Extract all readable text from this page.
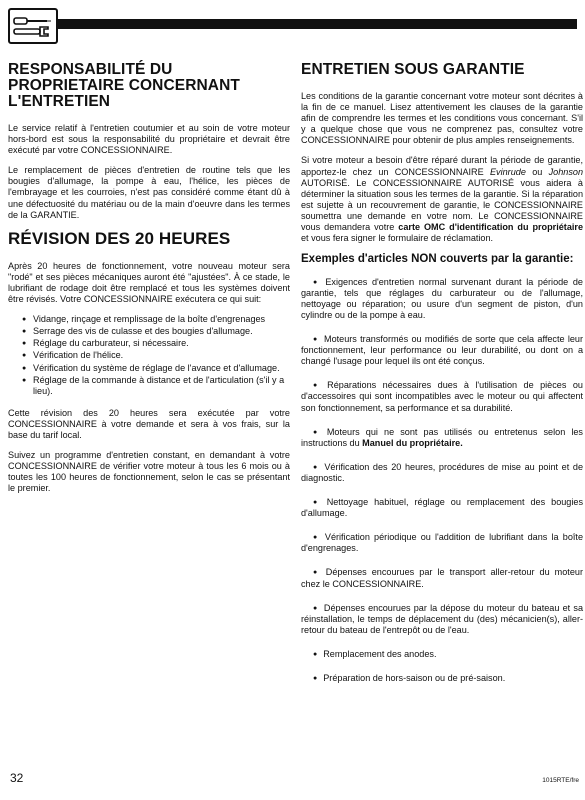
RESPONSABILITÉ DU PROPRIETAIRE CONCERNANT L'ENTRETIEN

Le service relatif à l'entretien coutumier et au soin de votre moteur hors-bord est sous la responsabilité du propriétaire et devrait être exécuté par votre CONCESSIONNAIRE.

Le remplacement de pièces d'entretien de routine tels que les bougies d'allumage, la pompe à eau, l'hélice, les pièces de l'embrayage et les courroies, n'est pas considéré comme étant dû à une défectuosité du matériau ou de la main d'oeuvre dans les termes de la GARANTIE.

RÉVISION DES 20 HEURES

Après 20 heures de fonctionnement, votre nouveau moteur sera "rodé" et ses pièces mécaniques auront été "ajustées". À ce stade, le lubrifiant de rodage doit être remplacé et tous les systèmes doivent être révisés. Votre CONCESSIONNAIRE exécutera ce qui suit:

● Vidange, rinçage et remplissage de la boîte d'engrenages
● Serrage des vis de culasse et des bougies d'allumage.
● Réglage du carburateur, si nécessaire.
● Vérification de l'hélice.
● Vérification du système de réglage de l'avance et d'allumage.
● Réglage de la commande à distance et de l'articulation (s'il y a lieu).

Cette révision des 20 heures sera exécutée par votre CONCESSIONNAIRE à votre demande et sera à vos frais, sur la base du tarif local.

Suivez un programme d'entretien constant, en demandant à votre CONCESSIONNAIRE de vérifier votre moteur à tous les 6 mois ou à toutes les 100 heures de fonctionnement, selon le cas se présentant le premier.

ENTRETIEN SOUS GARANTIE

Les conditions de la garantie concernant votre moteur sont décrites à la fin de ce manuel. Lisez attentivement les clauses de la garantie afin de comprendre les termes et les conditions vous concernant. S'il y a quelque chose que vous ne comprenez pas, consultez votre CONCESSIONNAIRE pour obtenir de plus amples renseignements.

Si votre moteur a besoin d'être réparé durant la période de garantie, apportez-le chez un CONCESSIONNAIRE Evinrude ou Johnson AUTORISÉ. Le CONCESSIONNAIRE AUTORISÉ vous aidera à déterminer la situation sous les termes de la garantie. Si la réparation est sujette à un recouvrement de garantie, le CONCESSIONNAIRE soumettra une demande en votre nom. Le CONCESSIONNAIRE vous demandera votre carte OMC d'identification du propriétaire et vous fera signer le formulaire de réclamation.

Exemples d'articles NON couverts par la garantie:
● Exigences d'entretien normal survenant durant la période de garantie, tels que réglages du carburateur ou de l'allumage, nettoyage ou réparation; ou usure d'un segment de piston, d'un cylindre ou de la pompe à eau.
● Moteurs transformés ou modifiés de sorte que cela affecte leur fonctionnement, leur performance ou leur durabilité, ou dont on a changé l'usage pour lequel ils ont été conçus.
● Réparations nécessaires dues à l'utilisation de pièces ou d'accessoires qui sont incompatibles avec le moteur ou qui affectent son fonctionnement, sa performance et sa durabilité.
● Moteurs qui ne sont pas utilisés ou entretenus selon les instructions du Manuel du propriétaire.
● Vérification des 20 heures, procédures de mise au point et de diagnostic.
● Nettoyage habituel, réglage ou remplacement des bougies d'allumage.
● Vérification périodique ou l'addition de lubrifiant dans la boîte d'engrenages.
● Dépenses encourues par le transport aller-retour du moteur chez le CONCESSIONNAIRE.
● Dépenses encourues par la dépose du moteur du bateau et sa réinstallation, le temps de déplacement du (des) mécanicien(s), aller-retour du bateau de l'entrepôt ou de l'eau.
● Remplacement des anodes.
● Préparation de hors-saison ou de pré-saison.
32	1015RTE/fre
